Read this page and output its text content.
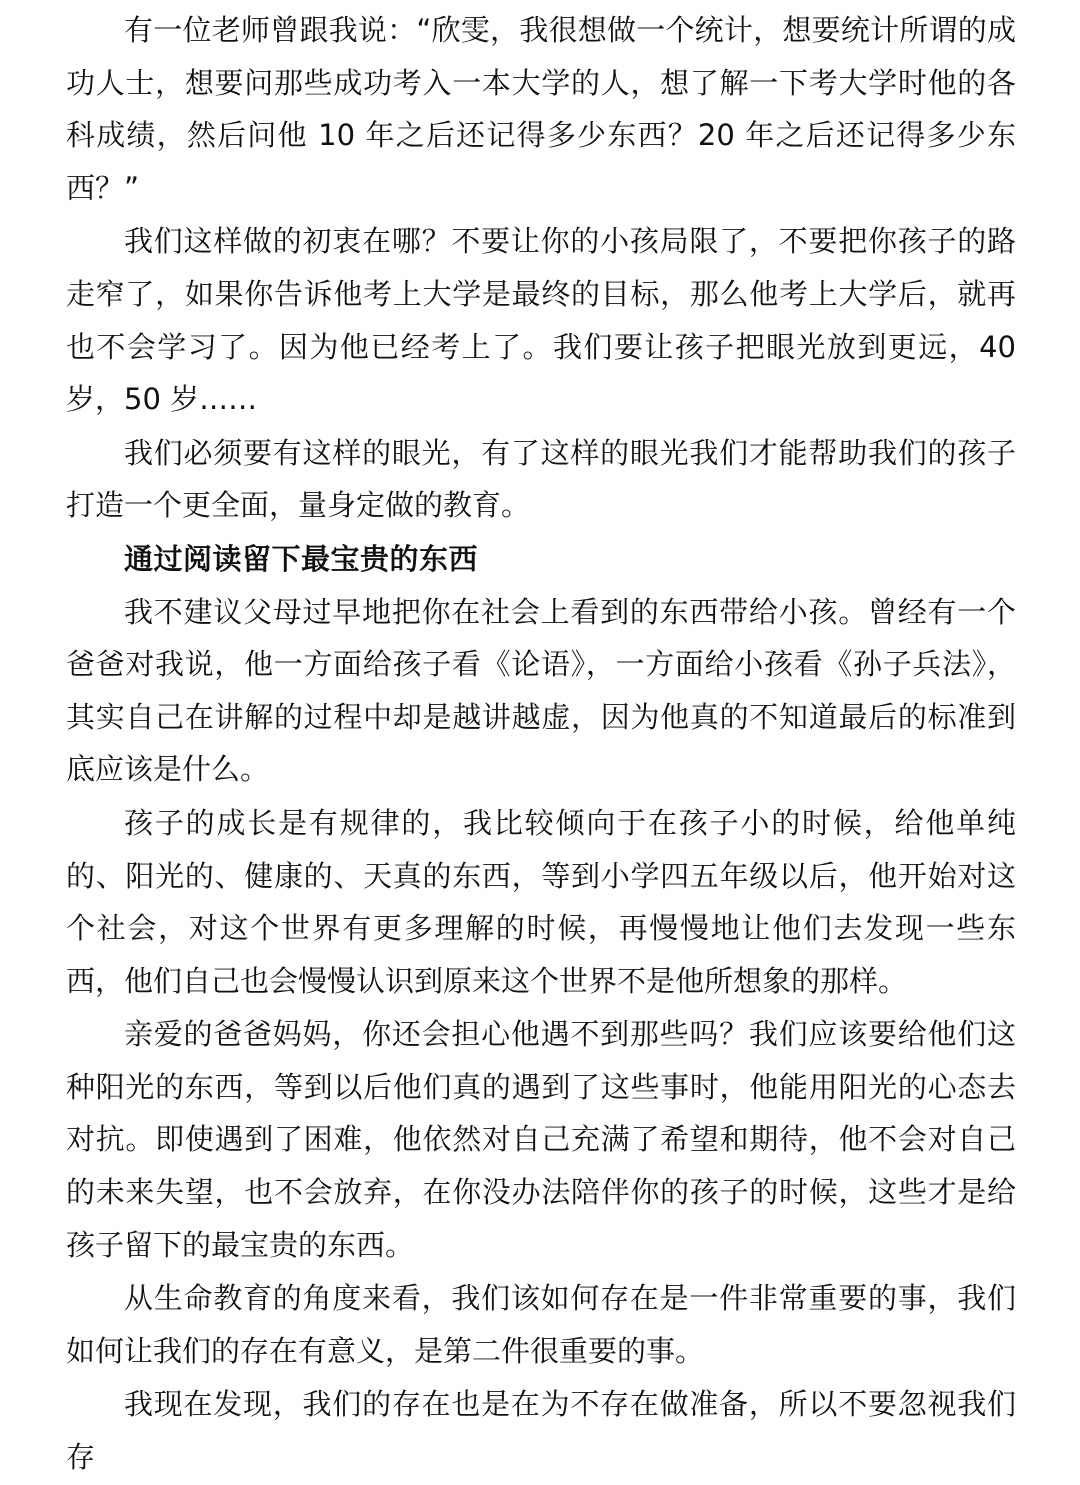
有一位老师曾跟我说：“欣雯，我很想做一个统计，想要统计所谓的成功人士，想要问那些成功考入一本大学的人，想了解一下考大学时他的各科成绩，然后问他 10 年之后还记得多少东西？20 年之后还记得多少东西？”

我们这样做的初衷在哪？不要让你的小孩局限了，不要把你孩子的路走窄了，如果你告诉他考上大学是最终的目标，那么他考上大学后，就再也不会学习了。因为他已经考上了。我们要让孩子把眼光放到更远，40 岁，50 岁……

我们必须要有这样的眼光，有了这样的眼光我们才能帮助我们的孩子打造一个更全面，量身定做的教育。

通过阅读留下最宝贵的东西

我不建议父母过早地把你在社会上看到的东西带给小孩。曾经有一个爸爸对我说，他一方面给孩子看《论语》，一方面给小孩看《孙子兵法》，其实自己在讲解的过程中却是越讲越虚，因为他真的不知道最后的标准到底应该是什么。

孩子的成长是有规律的，我比较倾向于在孩子小的时候，给他单纯的、阳光的、健康的、天真的东西，等到小学四五年级以后，他开始对这个社会，对这个世界有更多理解的时候，再慢慢地让他们去发现一些东西，他们自己也会慢慢认识到原来这个世界不是他所想象的那样。

亲爱的爸爸妈妈，你还会担心他遇不到那些吗？我们应该要给他们这种阳光的东西，等到以后他们真的遇到了这些事时，他能用阳光的心态去对抗。即使遇到了困难，他依然对自己充满了希望和期待，他不会对自己的未来失望，也不会放弃，在你没办法陪伴你的孩子的时候，这些才是给孩子留下的最宝贵的东西。

从生命教育的角度来看，我们该如何存在是一件非常重要的事，我们如何让我们的存在有意义，是第二件很重要的事。

我现在发现，我们的存在也是在为不存在做准备，所以不要忽视我们存
